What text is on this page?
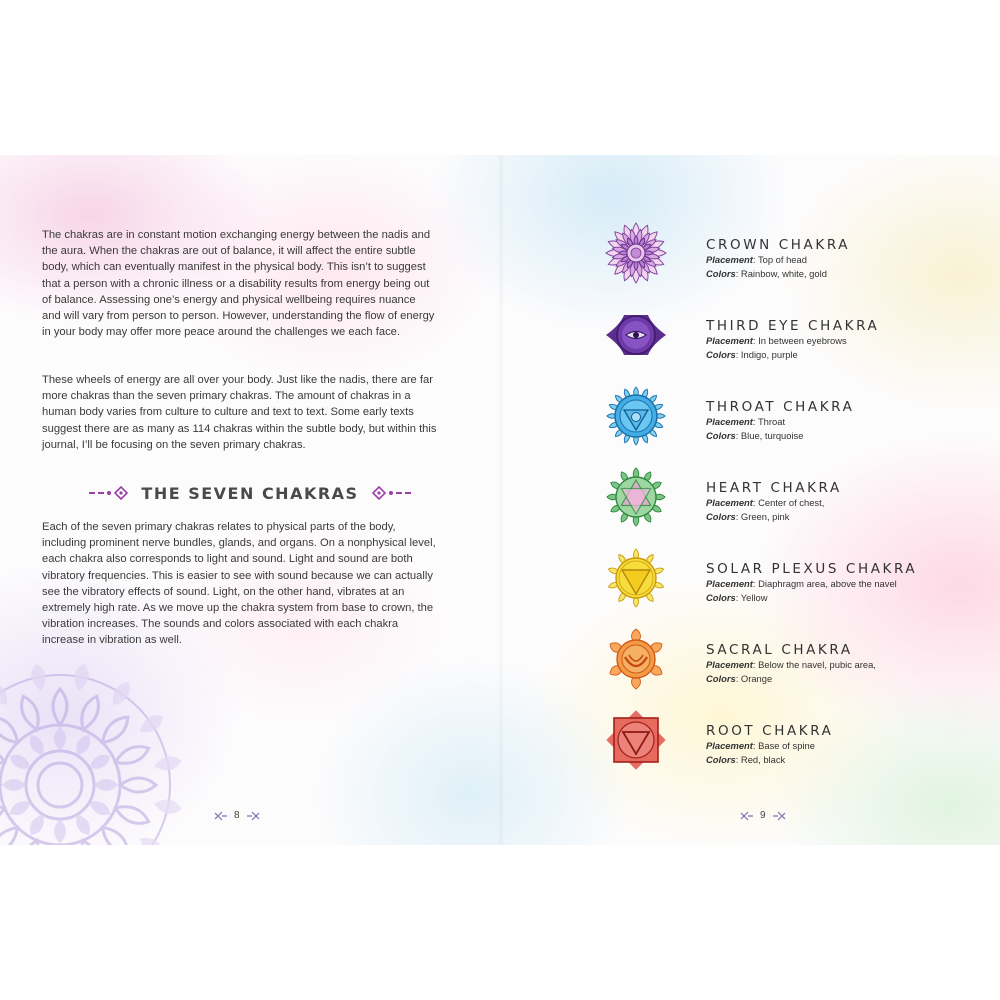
The chakras are in constant motion exchanging energy between the nadis and the aura. When the chakras are out of balance, it will affect the entire subtle body, which can eventually manifest in the physical body. This isn’t to suggest that a person with a chronic illness or a disability results from energy being out of balance. Assessing one’s energy and physical wellbeing requires nuance and will vary from person to person. However, understanding the flow of energy in your body may offer more peace around the challenges we each face.

These wheels of energy are all over your body. Just like the nadis, there are far more chakras than the seven primary chakras. The amount of chakras in a human body varies from culture to culture and text to text. Some early texts suggest there are as many as 114 chakras within the subtle body, but within this journal, I’ll be focusing on the seven primary chakras.

THE SEVEN CHAKRAS

Each of the seven primary chakras relates to physical parts of the body, including prominent nerve bundles, glands, and organs. On a nonphysical level, each chakra also corresponds to light and sound. Light and sound are both vibratory frequencies. This is easier to see with sound because we can actually see the vibratory effects of sound. Light, on the other hand, vibrates at an extremely high rate. As we move up the chakra system from base to crown, the vibration increases. The sounds and colors associated with each chakra increase in vibration as well.

8
CROWN CHAKRA
Placement: Top of head
Colors: Rainbow, white, gold
THIRD EYE CHAKRA
Placement: In between eyebrows
Colors: Indigo, purple
THROAT CHAKRA
Placement: Throat
Colors: Blue, turquoise
HEART CHAKRA
Placement: Center of chest,
Colors: Green, pink
SOLAR PLEXUS CHAKRA
Placement: Diaphragm area, above the navel
Colors: Yellow
SACRAL CHAKRA
Placement: Below the navel, pubic area,
Colors: Orange
ROOT CHAKRA
Placement: Base of spine
Colors: Red, black
9
